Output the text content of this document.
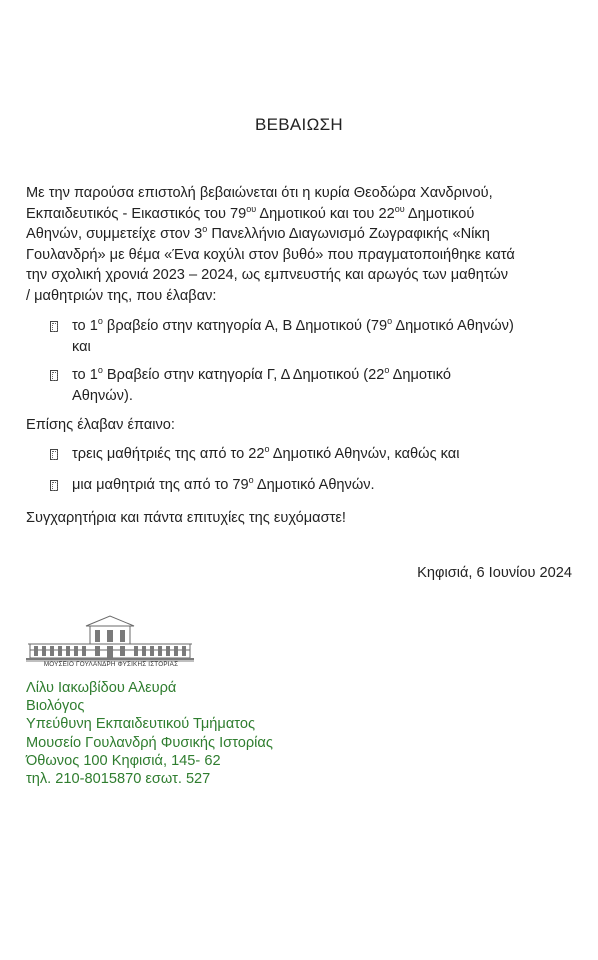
ΒΕΒΑΙΩΣΗ
Με την παρούσα επιστολή βεβαιώνεται ότι η κυρία Θεοδώρα Χανδρινού,
Εκπαιδευτικός - Εικαστικός του $79^{o\upsilon}$ Δημοτικού και του $22^{o\upsilon}$ Δημοτικού
Αθηνών, συμμετείχε στον $3^o$ Πανελλήνιο Διαγωνισμό Ζωγραφικής «Νίκη
Γουλανδρή» με θέμα «Ένα κοχύλι στον βυθό» που πραγματοποιήθηκε κατά
την σχολική χρονιά 2023 – 2024, ως εμπνευστής και αρωγός των μαθητών
/ μαθητριών της, που έλαβαν:
το $1^o$ βραβείο στην κατηγορία Α, Β Δημοτικού ($79^o$ Δημοτικό Αθηνών)
και
το $1^o$ Βραβείο στην κατηγορία Γ, Δ Δημοτικού ($22^o$ Δημοτικό
Αθηνών).
Επίσης έλαβαν έπαινο:
τρεις μαθήτριές της από το $22^o$ Δημοτικό Αθηνών, καθώς και
μια μαθητριά της από το $79^o$ Δημοτικό Αθηνών.
Συγχαρητήρια και πάντα επιτυχίες της ευχόμαστε!
Κηφισιά, 6 Ιουνίου 2024
ΜΟΥΣΕΙΟ ΓΟΥΛΑΝΔΡΗ ΦΥΣΙΚΗΣ ΙΣΤΟΡΙΑΣ
Λίλυ Ιακωβίδου Αλευρά
Βιολόγος
Υπεύθυνη Εκπαιδευτικού Τμήματος
Μουσείο Γουλανδρή Φυσικής Ιστορίας
Όθωνος 100 Κηφισιά, 145- 62
τηλ. 210-8015870 εσωτ. 527
